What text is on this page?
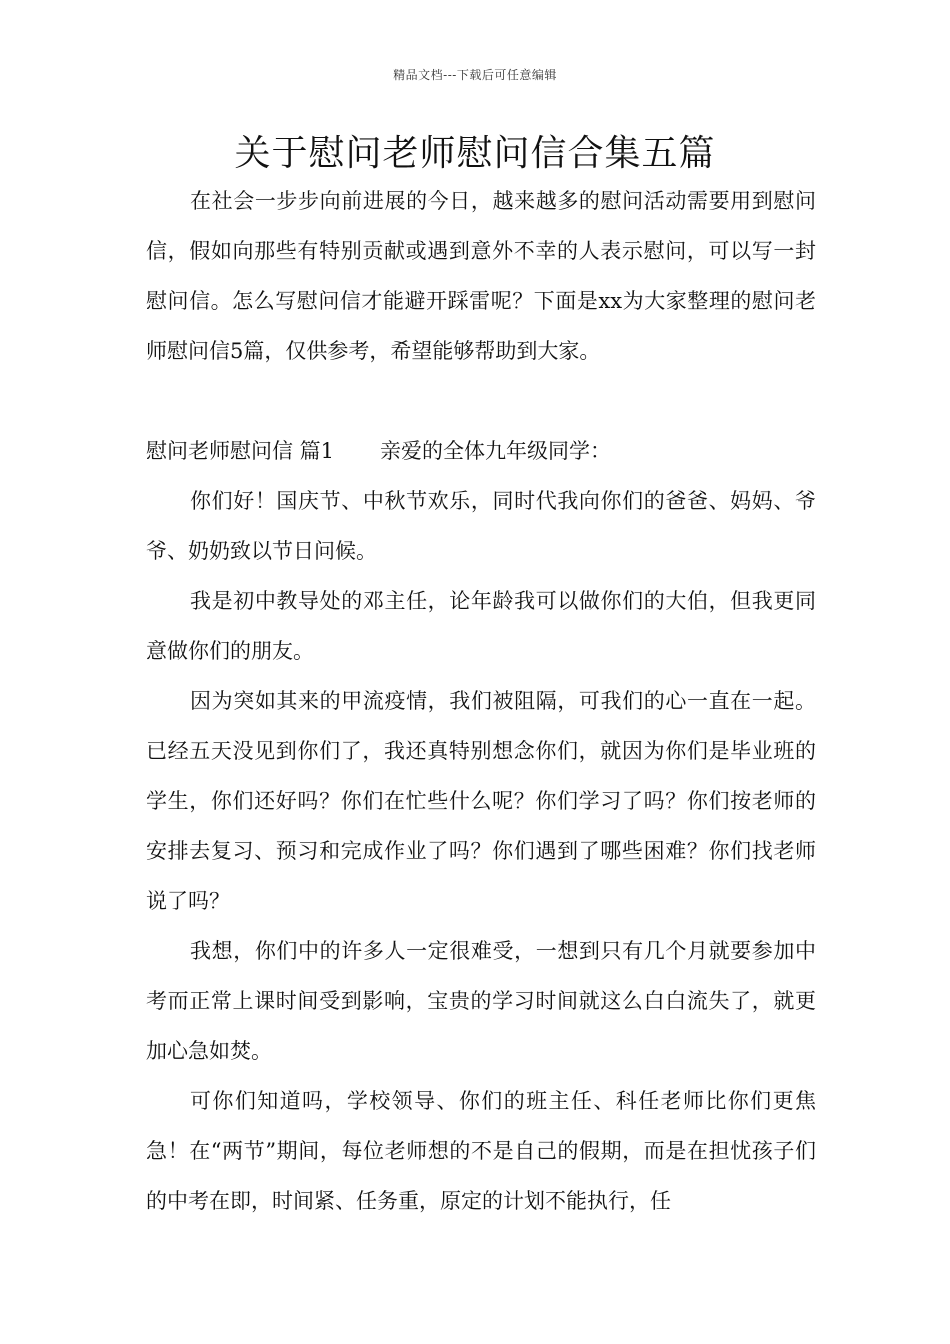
精品文档---下载后可任意编辑
关于慰问老师慰问信合集五篇

在社会一步步向前进展的今日，越来越多的慰问活动需要用到慰问信，假如向那些有特别贡献或遇到意外不幸的人表示慰问，可以写一封慰问信。怎么写慰问信才能避开踩雷呢？下面是xx为大家整理的慰问老师慰问信5篇，仅供参考，希望能够帮助到大家。

慰问老师慰问信 篇1 亲爱的全体九年级同学：

你们好！国庆节、中秋节欢乐，同时代我向你们的爸爸、妈妈、爷爷、奶奶致以节日问候。

我是初中教导处的邓主任，论年龄我可以做你们的大伯，但我更同意做你们的朋友。

因为突如其来的甲流疫情，我们被阻隔，可我们的心一直在一起。已经五天没见到你们了，我还真特别想念你们，就因为你们是毕业班的学生，你们还好吗？你们在忙些什么呢？你们学习了吗？你们按老师的安排去复习、预习和完成作业了吗？你们遇到了哪些困难？你们找老师说了吗？

我想，你们中的许多人一定很难受，一想到只有几个月就要参加中考而正常上课时间受到影响，宝贵的学习时间就这么白白流失了，就更加心急如焚。

可你们知道吗，学校领导、你们的班主任、科任老师比你们更焦急！在“两节”期间，每位老师想的不是自己的假期，而是在担忧孩子们的中考在即，时间紧、任务重，原定的计划不能执行，任
